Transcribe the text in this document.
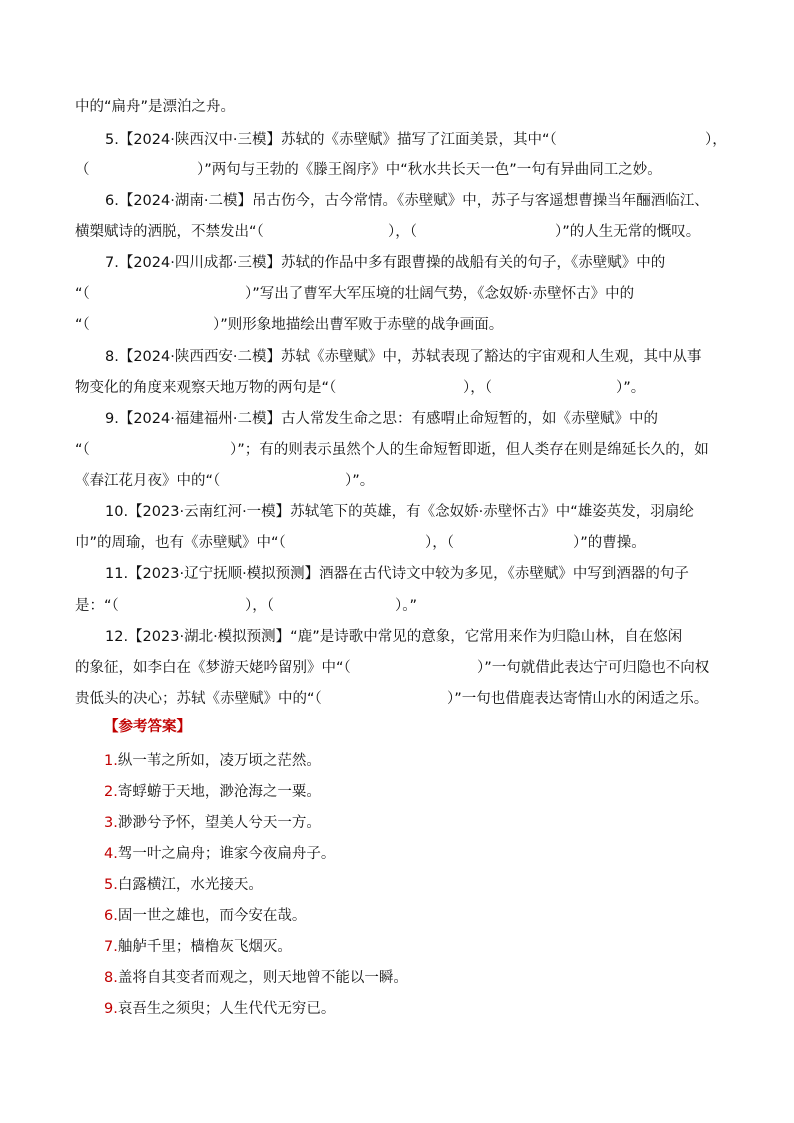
中的“扁舟”是漂泊之舟。
5.【2024·陕西汉中·三模】苏轼的《赤壁赋》描写了江面美景，其中“（	），
（	）”两句与王勃的《滕王阁序》中“秋水共长天一色”一句有异曲同工之妙。
6.【2024·湖南·二模】吊古伤今，古今常情。《赤壁赋》中，苏子与客遥想曹操当年酾酒临江、
横槊赋诗的洒脱，不禁发出“（	），（	）”的人生无常的慨叹。
7.【2024·四川成都·三模】苏轼的作品中多有跟曹操的战船有关的句子，《赤壁赋》中的
“（	）”写出了曹军大军压境的壮阔气势，《念奴娇·赤壁怀古》中的
“（	）”则形象地描绘出曹军败于赤壁的战争画面。
8.【2024·陕西西安·二模】苏轼《赤壁赋》中，苏轼表现了豁达的宇宙观和人生观，其中从事
物变化的角度来观察天地万物的两句是“（	），（	）”。
9.【2024·福建福州·二模】古人常发生命之思：有感喟止命短暂的，如《赤壁赋》中的
“（	）”；有的则表示虽然个人的生命短暂即逝，但人类存在则是绵延长久的，如
《春江花月夜》中的“（	）”。
10.【2023·云南红河·一模】苏轼笔下的英雄，有《念奴娇·赤壁怀古》中“雄姿英发，羽扇纶
巾”的周瑜，也有《赤壁赋》中“（	），（	）”的曹操。
11.【2023·辽宁抚顺·模拟预测】酒器在古代诗文中较为多见，《赤壁赋》中写到酒器的句子
是：“（	），（	）。”
12.【2023·湖北·模拟预测】“鹿”是诗歌中常见的意象，它常用来作为归隐山林，自在悠闲
的象征，如李白在《梦游天姥吟留别》中“（	）”一句就借此表达宁可归隐也不向权
贵低头的决心；苏轼《赤壁赋》中的“（	）”一句也借鹿表达寄情山水的闲适之乐。
【参考答案】
1.纵一苇之所如，凌万顷之茫然。
2.寄蜉蝣于天地，渺沧海之一粟。
3.渺渺兮予怀，望美人兮天一方。
4.驾一叶之扁舟；谁家今夜扁舟子。
5.白露横江，水光接天。
6.固一世之雄也，而今安在哉。
7.舳舻千里；樯橹灰飞烟灭。
8.盖将自其变者而观之，则天地曾不能以一瞬。
9.哀吾生之须臾；人生代代无穷已。
